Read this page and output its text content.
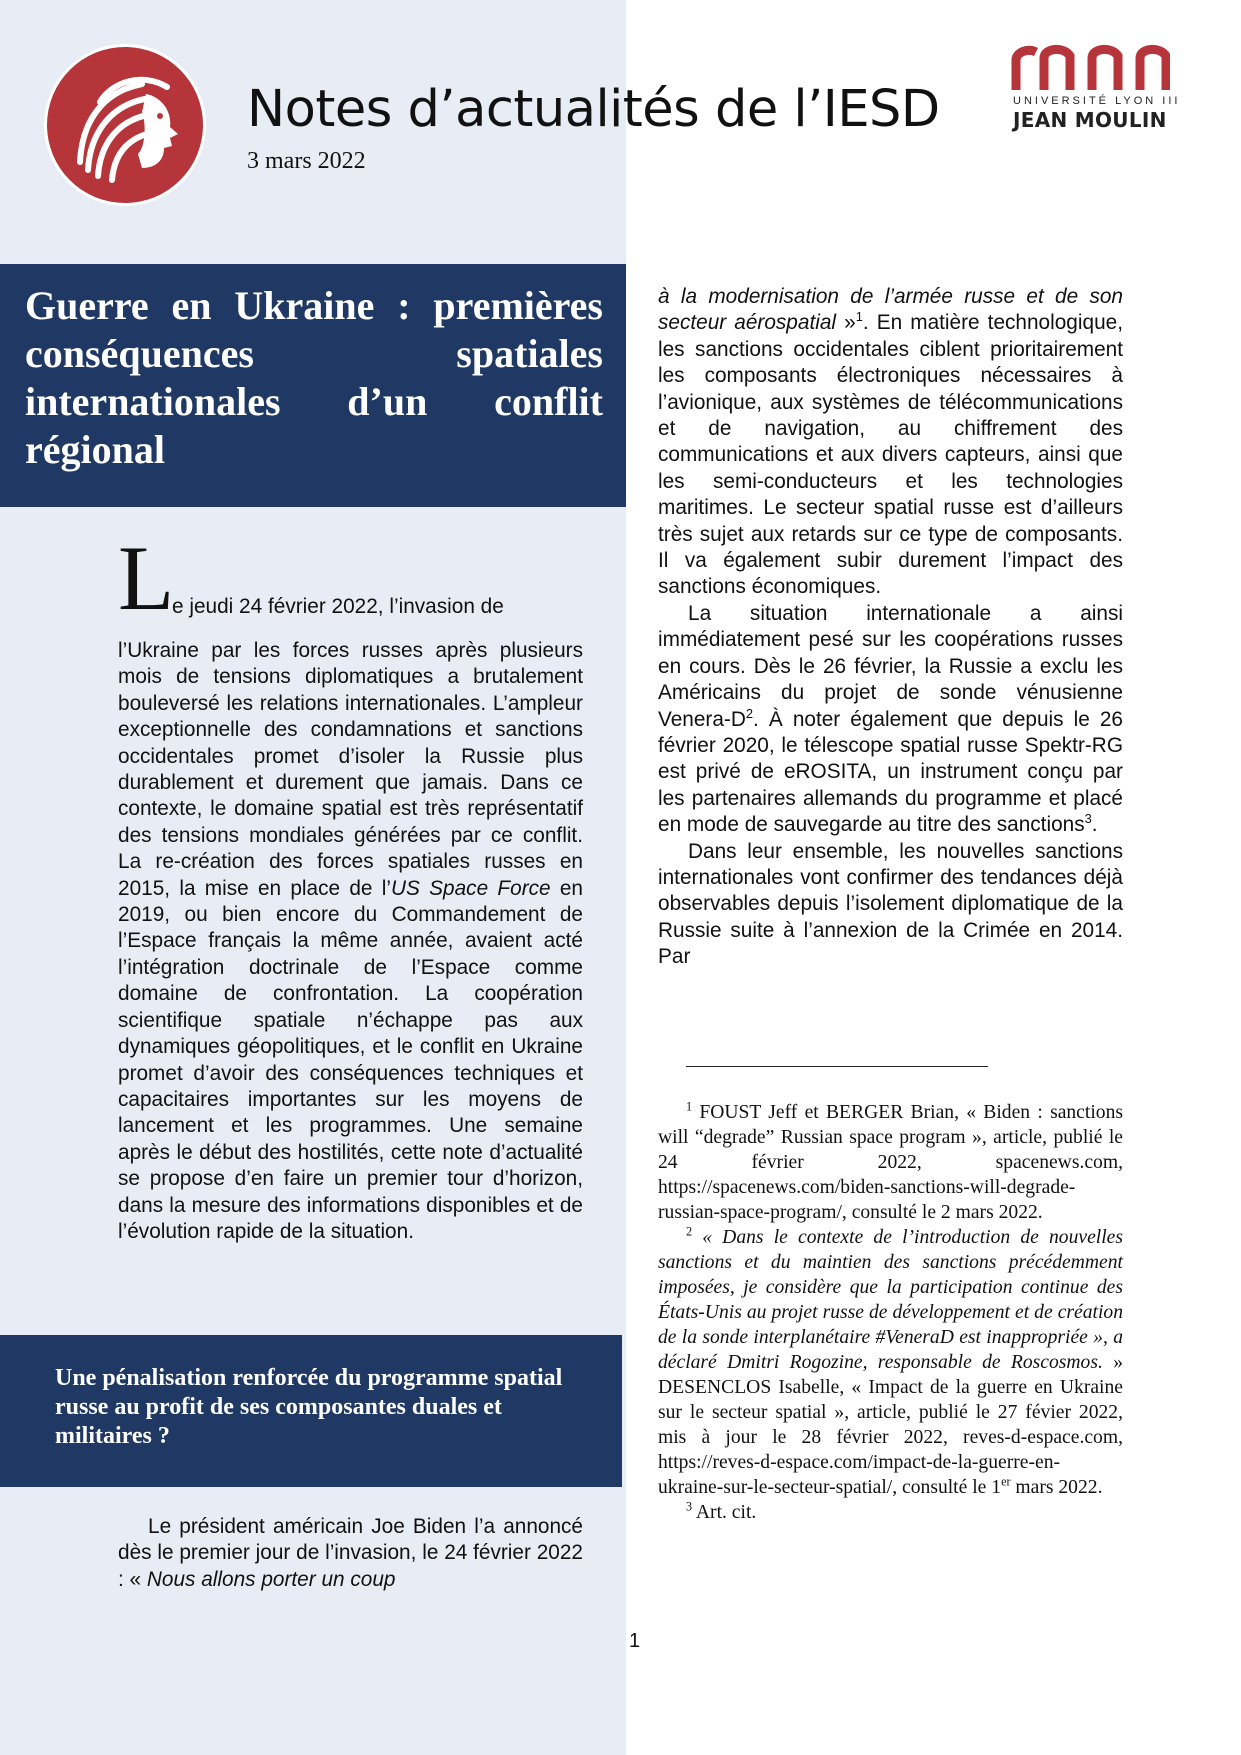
Notes d’actualités de l’IESD
3 mars 2022
UNIVERSITÉ LYON III
JEAN MOULIN
Guerre en Ukraine : premières conséquences spatiales internationales d’un conflit régional
L
e jeudi 24 février 2022, l’invasion de
l’Ukraine par les forces russes après plusieurs mois de tensions diplomatiques a brutalement bouleversé les relations internationales. L’ampleur exceptionnelle des condamnations et sanctions occidentales promet d’isoler la Russie plus durablement et durement que jamais. Dans ce contexte, le domaine spatial est très représentatif des tensions mondiales générées par ce conflit. La re-création des forces spatiales russes en 2015, la mise en place de l’US Space Force en 2019, ou bien encore du Commandement de l’Espace français la même année, avaient acté l’intégration doctrinale de l’Espace comme domaine de confrontation. La coopération scientifique spatiale n’échappe pas aux dynamiques géopolitiques, et le conflit en Ukraine promet d’avoir des conséquences techniques et capacitaires importantes sur les moyens de lancement et les programmes. Une semaine après le début des hostilités, cette note d’actualité se propose d’en faire un premier tour d’horizon, dans la mesure des informations disponibles et de l’évolution rapide de la situation.
Une pénalisation renforcée du programme spatial russe au profit de ses composantes duales et militaires ?
Le président américain Joe Biden l’a annoncé dès le premier jour de l’invasion, le 24 février 2022 : « Nous allons porter un coup

à la modernisation de l’armée russe et de son secteur aérospatial »$^1$. En matière technologique, les sanctions occidentales ciblent prioritairement les composants électroniques nécessaires à l’avionique, aux systèmes de télécommunications et de navigation, au chiffrement des communications et aux divers capteurs, ainsi que les semi-conducteurs et les technologies maritimes. Le secteur spatial russe est d’ailleurs très sujet aux retards sur ce type de composants. Il va également subir durement l’impact des sanctions économiques.

La situation internationale a ainsi immédiatement pesé sur les coopérations russes en cours. Dès le 26 février, la Russie a exclu les Américains du projet de sonde vénusienne Venera-$D^2$. À noter également que depuis le 26 février 2020, le télescope spatial russe Spektr-RG est privé de eROSITA, un instrument conçu par les partenaires allemands du programme et placé en mode de sauvegarde au titre des sanctions$^3$.

Dans leur ensemble, les nouvelles sanctions internationales vont confirmer des tendances déjà observables depuis l’isolement diplomatique de la Russie suite à l’annexion de la Crimée en 2014. Par

$^1$ FOUST Jeff et BERGER Brian, « Biden : sanctions will “degrade” Russian space program », article, publié le 24 février 2022, spacenews.com, https://spacenews.com/biden-sanctions-will-degrade-russian-space-program/, consulté le 2 mars 2022.

$^2$ « Dans le contexte de l’introduction de nouvelles sanctions et du maintien des sanctions précédemment imposées, je considère que la participation continue des États-Unis au projet russe de développement et de création de la sonde interplanétaire #VeneraD est inappropriée », a déclaré Dmitri Rogozine, responsable de Roscosmos. » DESENCLOS Isabelle, « Impact de la guerre en Ukraine sur le secteur spatial », article, publié le 27 févier 2022, mis à jour le 28 février 2022, reves-d-espace.com, https://reves-d-espace.com/impact-de-la-guerre-en-ukraine-sur-le-secteur-spatial/, consulté le 1er mars 2022.

$^3$ Art. cit.

1
